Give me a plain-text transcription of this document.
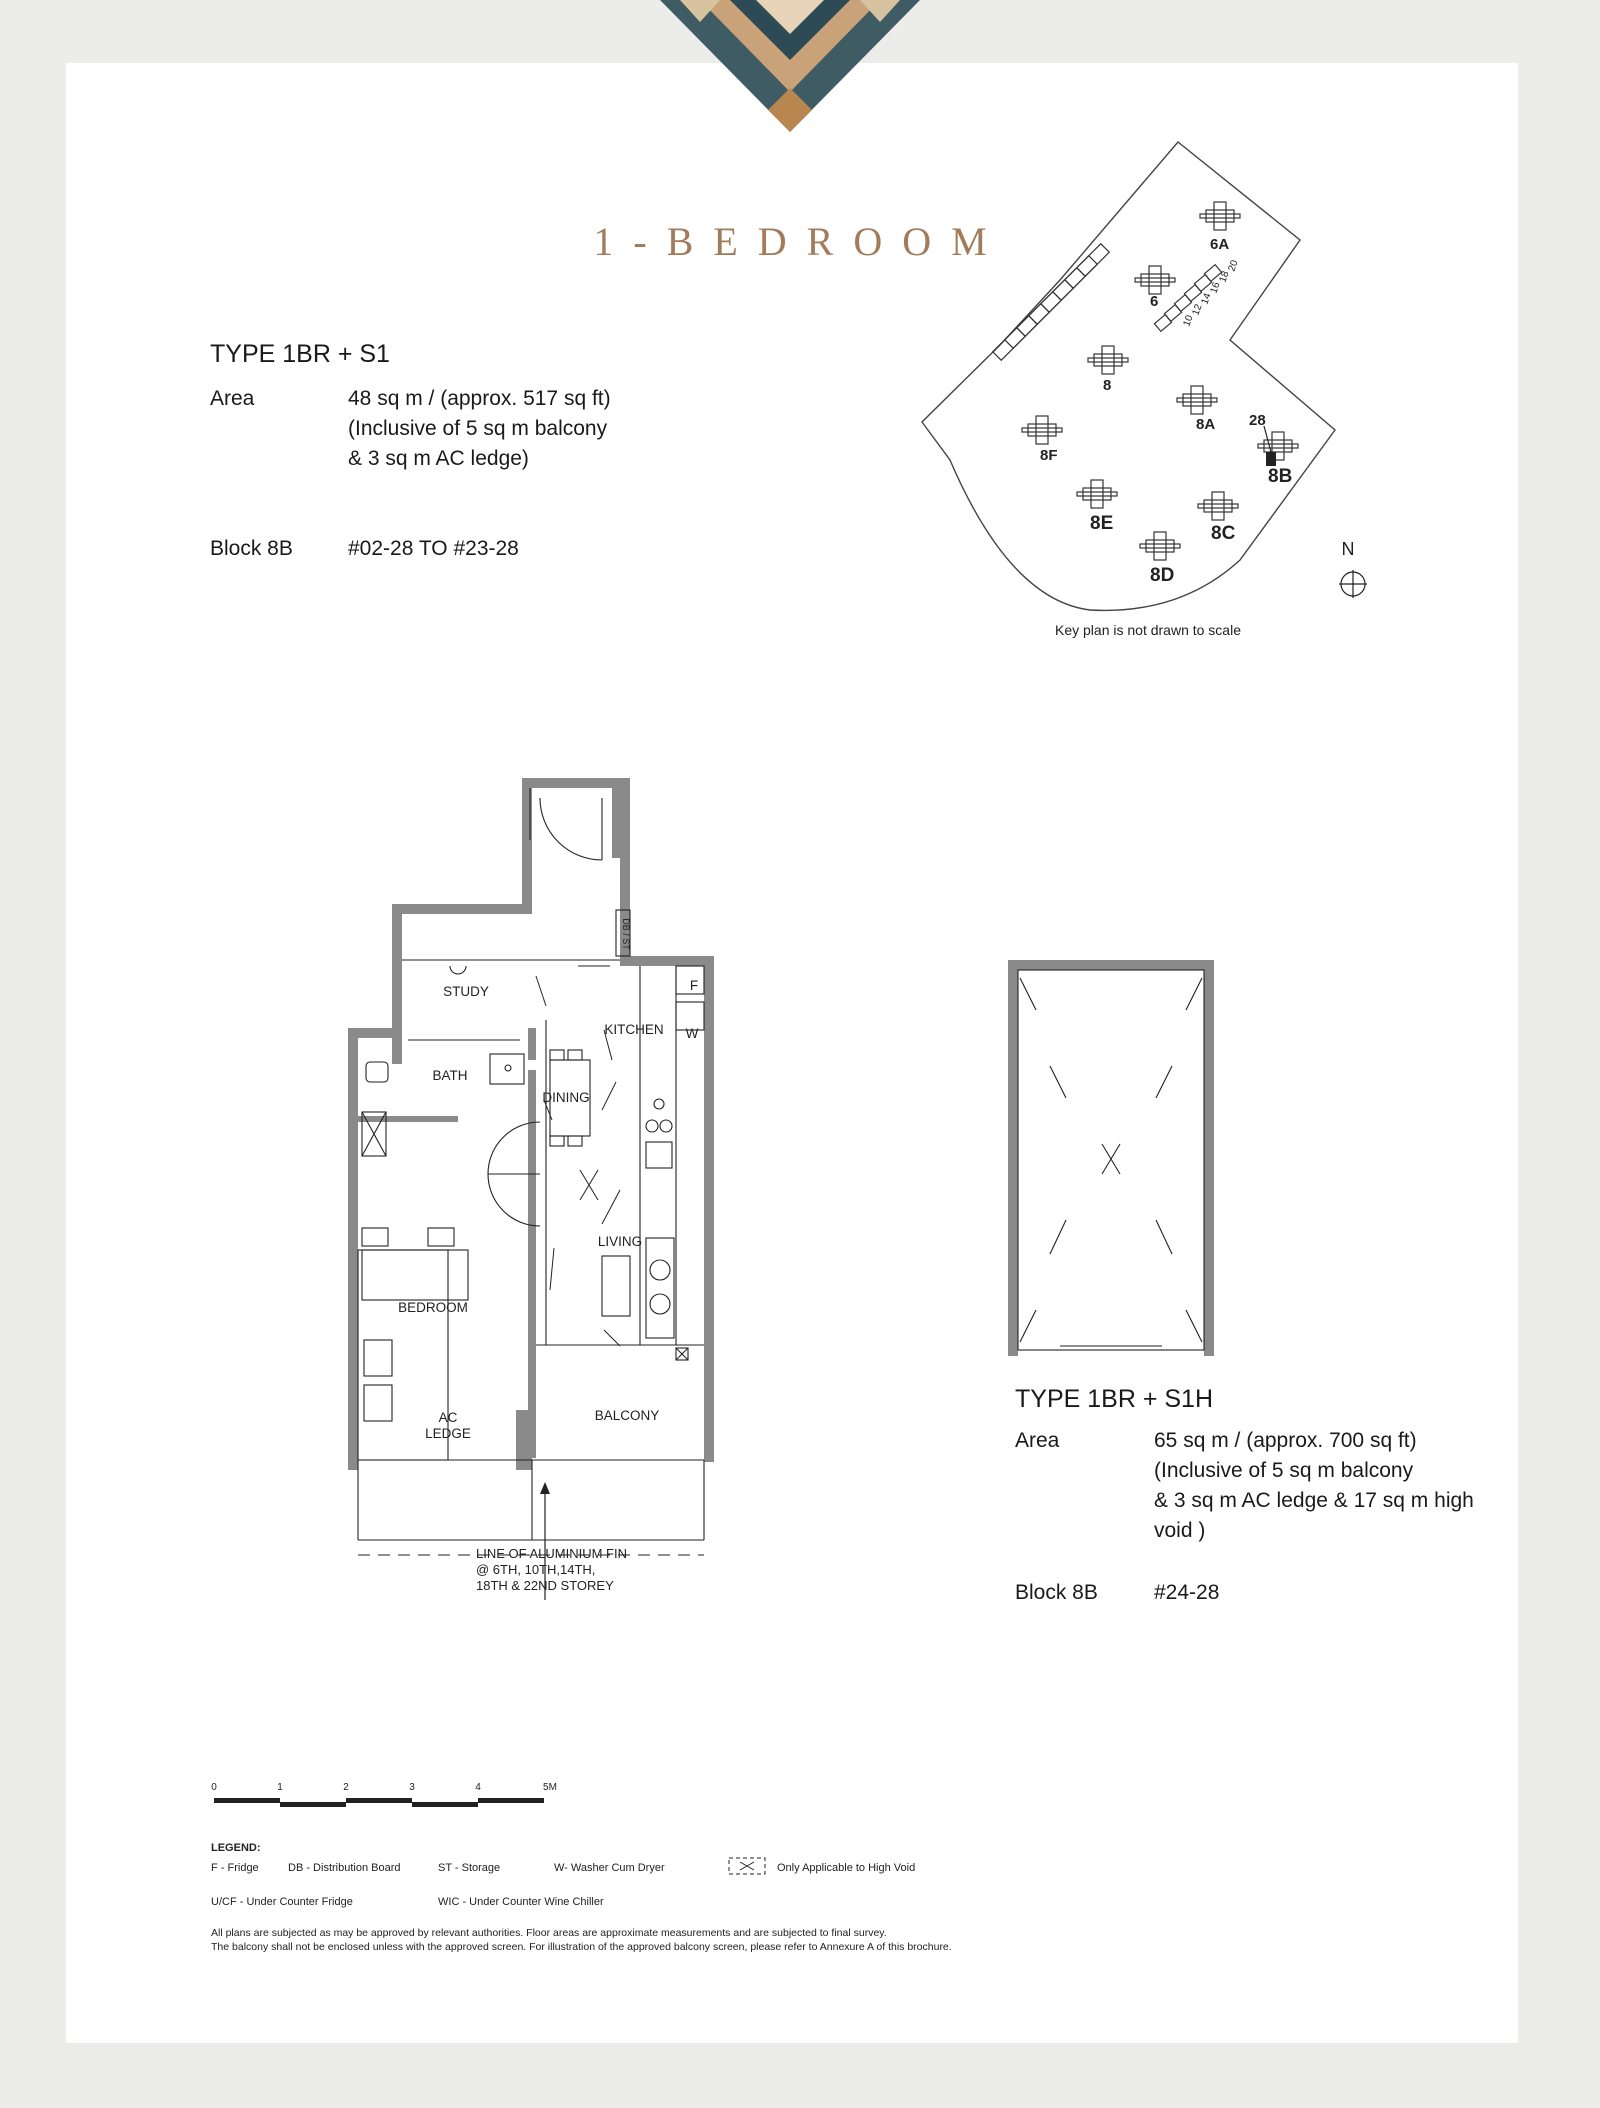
1-BEDROOM
TYPE 1BR + S1
Area	48 sq m / (approx. 517 sq ft)
(Inclusive of 5 sq m balcony
& 3 sq m AC ledge)
Block 8B	#02-28 TO #23-28
6A
6
8
8A
8F
8B
8E	8C
8D
28
20
18
16
14
12
10
N
Key plan is not drawn to scale
STUDY
KITCHEN
BATH
DINING
LIVING
BEDROOM
AC
LEDGE
BALCONY
F
W
DB / ST
LINE OF ALUMINIUM FIN
@ 6TH, 10TH,14TH,
18TH & 22ND STOREY
TYPE 1BR + S1H
Area	65 sq m / (approx. 700 sq ft)
(Inclusive of 5 sq m balcony
& 3 sq m AC ledge & 17 sq m high
void )
Block 8B	#24-28
0	1	2	3	4	5M
LEGEND:
F - Fridge	DB - Distribution Board	ST - Storage	W- Washer Cum Dryer	Only Applicable to High Void
U/CF - Under Counter Fridge	WIC - Under Counter Wine Chiller
All plans are subjected as may be approved by relevant authorities. Floor areas are approximate measurements and are subjected to final survey.
The balcony shall not be enclosed unless with the approved screen. For illustration of the approved balcony screen, please refer to Annexure A of this brochure.
